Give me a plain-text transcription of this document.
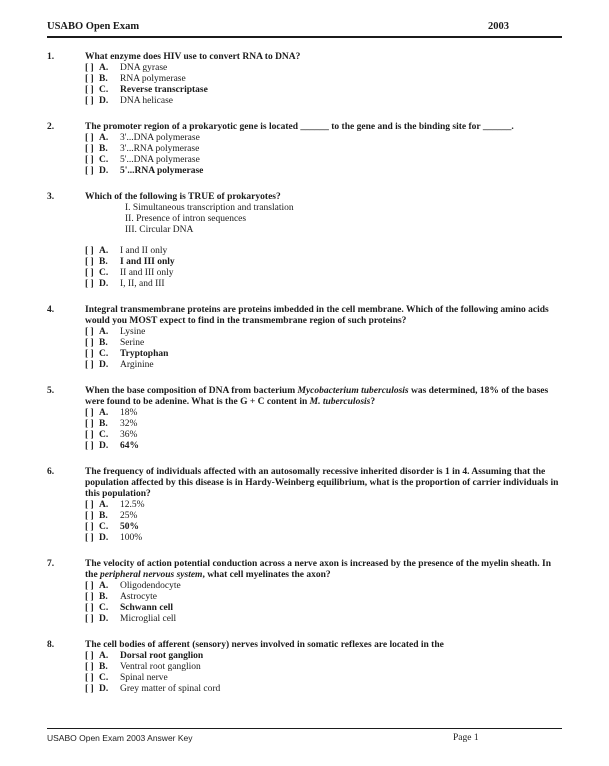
USABO Open Exam	2003
1.	What enzyme does HIV use to convert RNA to DNA?
[ ] A.	DNA gyrase
[ ] B.	RNA polymerase
[ ] C.	Reverse transcriptase
[ ] D.	DNA helicase
2.	The promoter region of a prokaryotic gene is located ______ to the gene and is the binding site for ______.
[ ] A.	3'...DNA polymerase
[ ] B.	3'...RNA polymerase
[ ] C.	5'...DNA polymerase
[ ] D.	5'...RNA polymerase
3.	Which of the following is TRUE of prokaryotes?
I. Simultaneous transcription and translation
II. Presence of intron sequences
III. Circular DNA
[ ] A.	I and II only
[ ] B.	I and III only
[ ] C.	II and III only
[ ] D.	I, II, and III
4.	Integral transmembrane proteins are proteins imbedded in the cell membrane. Which of the following amino acids would you MOST expect to find in the transmembrane region of such proteins?
[ ] A.	Lysine
[ ] B.	Serine
[ ] C.	Tryptophan
[ ] D.	Arginine
5.	When the base composition of DNA from bacterium Mycobacterium tuberculosis was determined, 18% of the bases were found to be adenine. What is the G + C content in M. tuberculosis?
[ ] A.	18%
[ ] B.	32%
[ ] C.	36%
[ ] D.	64%
6.	The frequency of individuals affected with an autosomally recessive inherited disorder is 1 in 4. Assuming that the population affected by this disease is in Hardy-Weinberg equilibrium, what is the proportion of carrier individuals in this population?
[ ] A.	12.5%
[ ] B.	25%
[ ] C.	50%
[ ] D.	100%
7.	The velocity of action potential conduction across a nerve axon is increased by the presence of the myelin sheath. In the peripheral nervous system, what cell myelinates the axon?
[ ] A.	Oligodendocyte
[ ] B.	Astrocyte
[ ] C.	Schwann cell
[ ] D.	Microglial cell
8.	The cell bodies of afferent (sensory) nerves involved in somatic reflexes are located in the
[ ] A.	Dorsal root ganglion
[ ] B.	Ventral root ganglion
[ ] C.	Spinal nerve
[ ] D.	Grey matter of spinal cord
USABO Open Exam 2003 Answer Key	Page 1
